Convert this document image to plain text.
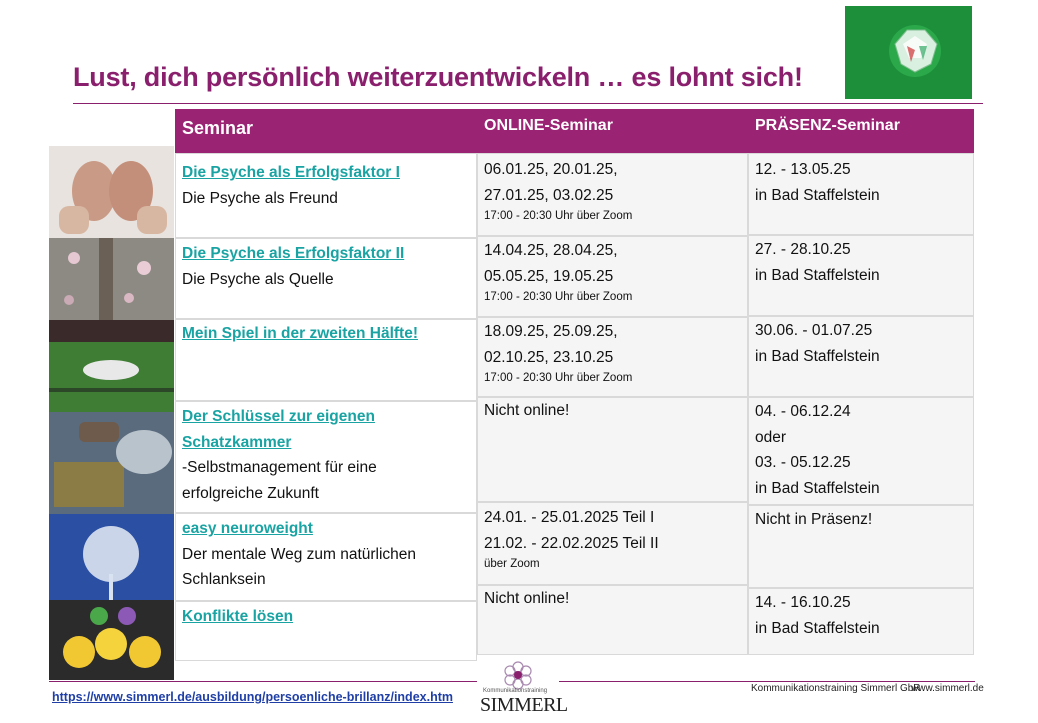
Lust, dich persönlich weiterzuentwickeln … es lohnt sich!
Seminar	ONLINE-Seminar	PRÄSENZ-Seminar
Die Psyche als Erfolgsfaktor I
Die Psyche als Freund
Die Psyche als Erfolgsfaktor II
Die Psyche als Quelle
Mein Spiel in der zweiten Hälfte!
Der Schlüssel zur eigenen
Schatzkammer
-Selbstmanagement für eine
erfolgreiche Zukunft
easy neuroweight
Der mentale Weg zum natürlichen
Schlanksein
Konflikte lösen
06.01.25, 20.01.25,
27.01.25, 03.02.25
17:00 - 20:30 Uhr über Zoom
14.04.25, 28.04.25,
05.05.25, 19.05.25
17:00 - 20:30 Uhr über Zoom
18.09.25, 25.09.25,
02.10.25, 23.10.25
17:00 - 20:30 Uhr über Zoom
Nicht online!
24.01. - 25.01.2025 Teil I
21.02. - 22.02.2025 Teil II
über Zoom
Nicht online!
12. - 13.05.25
in Bad Staffelstein
27. - 28.10.25
in Bad Staffelstein
30.06. - 01.07.25
in Bad Staffelstein
04. - 06.12.24
oder
03. - 05.12.25
in Bad Staffelstein
Nicht in Präsenz!
14. - 16.10.25
in Bad Staffelstein
https://www.simmerl.de/ausbildung/persoenliche-brillanz/index.htm
Kommunikationstraining Simmerl GbR
www.simmerl.de
Kommunikationstraining
SIMMERL
